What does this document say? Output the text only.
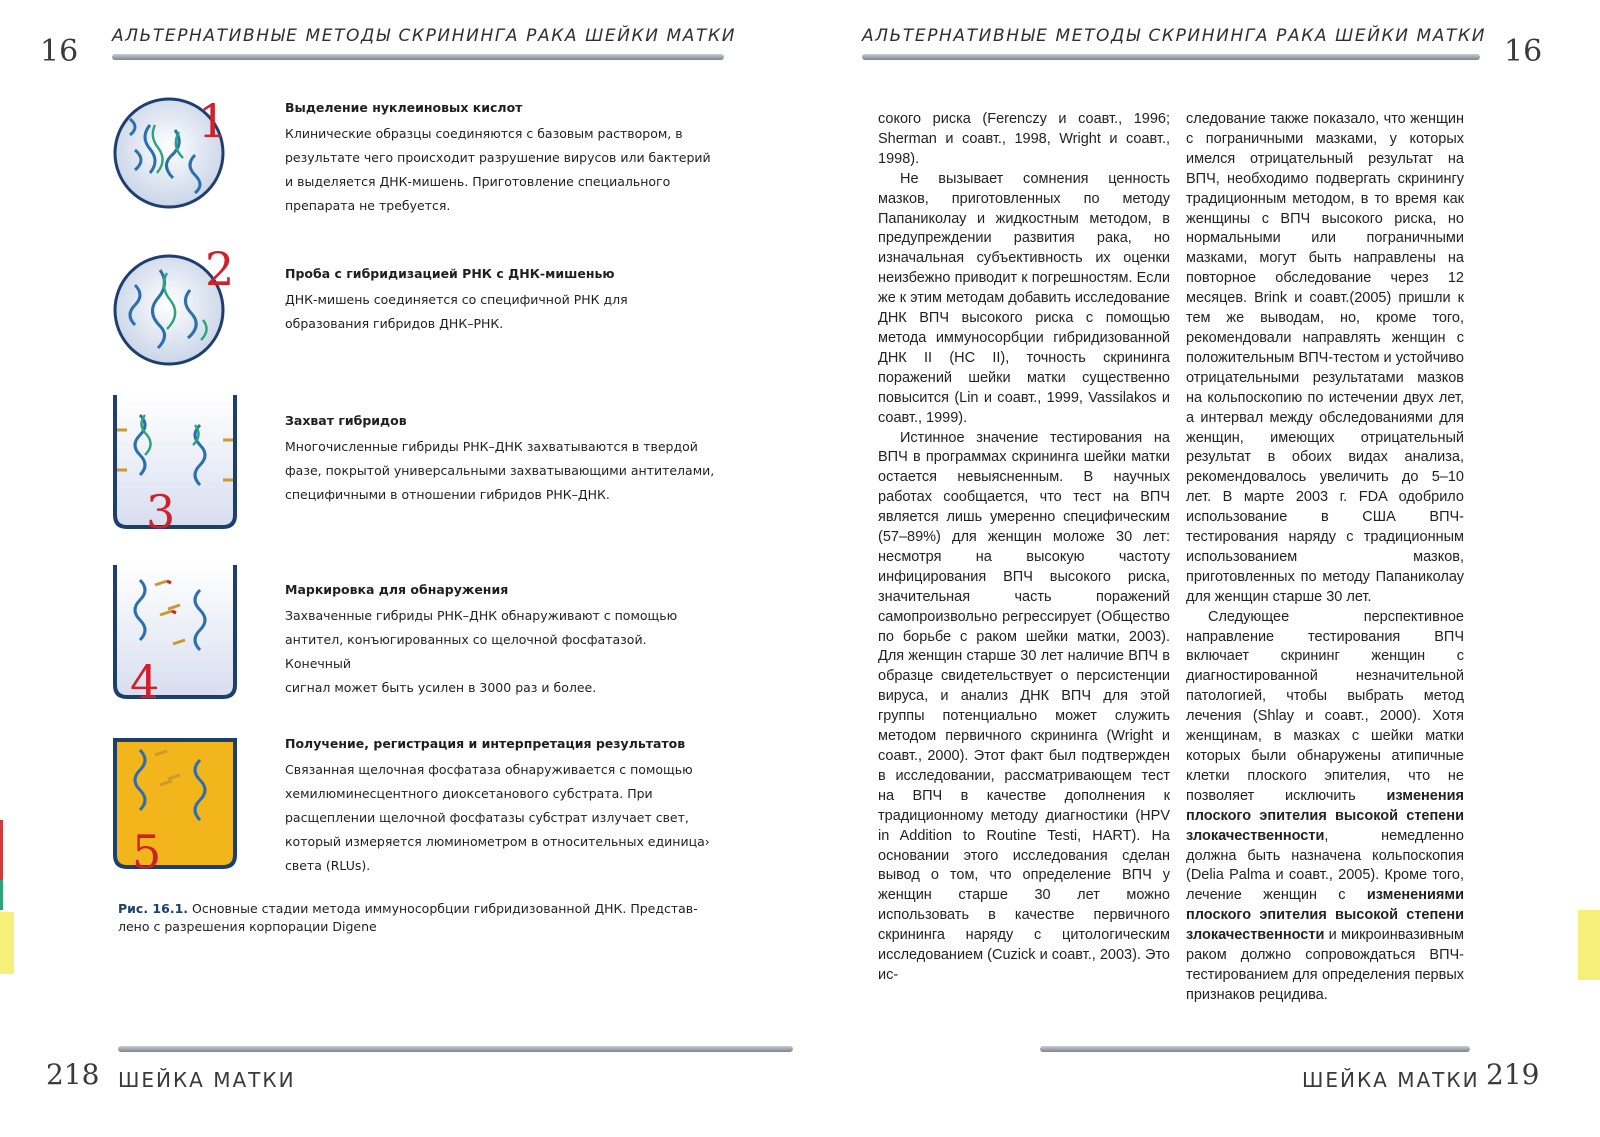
16 АЛЬТЕРНАТИВНЫЕ МЕТОДЫ СКРИНИНГА РАКА ШЕЙКИ МАТКИ
1
2
3
4
5

Выделение нуклеиновых кислот

Клинические образцы соединяются с базовым раствором, в

результате чего происходит разрушение вирусов или бактерий

и выделяется ДНК-мишень. Приготовление специального

препарата не требуется.

Проба с гибридизацией РНК с ДНК-мишенью

ДНК-мишень соединяется со специфичной РНК для

образования гибридов ДНК–РНК.

Захват гибридов

Многочисленные гибриды РНК–ДНК захватываются в твердой

фазе, покрытой универсальными захватывающими антителами,

специфичными в отношении гибридов РНК–ДНК.

Маркировка для обнаружения

Захваченные гибриды РНК–ДНК обнаруживают с помощью

антител, конъюгированных со щелочной фосфатазой. Конечный

сигнал может быть усилен в 3000 раз и более.

Получение, регистрация и интерпретация результатов

Связанная щелочная фосфатаза обнаруживается с помощью

хемилюминесцентного диоксетанового субстрата. При

расщеплении щелочной фосфатазы субстрат излучает свет,

который измеряется люминометром в относительных единица›

света (RLUs).

Рис. 16.1. Основные стадии метода иммуносорбции гибридизованной ДНК. Представ-
лено с разрешения корпорации Digene
218 ШЕЙКА МАТКИ
АЛЬТЕРНАТИВНЫЕ МЕТОДЫ СКРИНИНГА РАКА ШЕЙКИ МАТКИ 16

сокого риска (Ferenczy и соавт., 1996; Sherman и соавт., 1998, Wright и соавт., 1998).

Не вызывает сомнения ценность мазков, приготовленных по методу Папаниколау и жидкостным методом, в предупреждении развития рака, но изначальная субъективность их оценки неизбежно приводит к погрешностям. Если же к этим методам добавить исследование ДНК ВПЧ высокого риска с помощью метода иммуносорбции гибридизованной ДНК II (HC II), точность скрининга поражений шейки матки существенно повысится (Lin и соавт., 1999, Vassilakos и соавт., 1999).

Истинное значение тестирования на ВПЧ в программах скрининга шейки матки остается невыясненным. В научных работах сообщается, что тест на ВПЧ является лишь умеренно специфическим (57–89%) для женщин моложе 30 лет: несмотря на высокую частоту инфицирования ВПЧ высокого риска, значительная часть поражений самопроизвольно регрессирует (Общество по борьбе с раком шейки матки, 2003). Для женщин старше 30 лет наличие ВПЧ в образце свидетельствует о персистенции вируса, и анализ ДНК ВПЧ для этой группы потенциально может служить методом первичного скрининга (Wright и соавт., 2000). Этот факт был подтвержден в исследовании, рассматривающем тест на ВПЧ в качестве дополнения к традиционному методу диагностики (HPV in Addition to Routine Testi, HART). На основании этого исследования сделан вывод о том, что определение ВПЧ у женщин старше 30 лет можно использовать в качестве первичного скрининга наряду с цитологическим исследованием (Cuzick и соавт., 2003). Это ис-

следование также показало, что женщин с пограничными мазками, у которых имелся отрицательный результат на ВПЧ, необходимо подвергать скринингу традиционным методом, в то время как женщины с ВПЧ высокого риска, но нормальными или пограничными мазками, могут быть направлены на повторное обследование через 12 месяцев. Brink и соавт.(2005) пришли к тем же выводам, но, кроме того, рекомендовали направлять женщин с положительным ВПЧ-тестом и устойчиво отрицательными результатами мазков на кольпоскопию по истечении двух лет, а интервал между обследованиями для женщин, имеющих отрицательный результат в обоих видах анализа, рекомендовалось увеличить до 5–10 лет. В марте 2003 г. FDA одобрило использование в США ВПЧ-тестирования наряду с традиционным использованием мазков, приготовленных по методу Папаниколау для женщин старше 30 лет.

Следующее перспективное направление тестирования ВПЧ включает скрининг женщин с диагностированной незначительной патологией, чтобы выбрать метод лечения (Shlay и соавт., 2000). Хотя женщинам, в мазках с шейки матки которых были обнаружены атипичные клетки плоского эпителия, что не позволяет исключить изменения плоского эпителия высокой степени злокачественности, немедленно должна быть назначена кольпоскопия (Delia Palma и соавт., 2005). Кроме того, лечение женщин с изменениями плоского эпителия высокой степени злокачественности и микроинвазивным раком должно сопровождаться ВПЧ-тестированием для определения первых признаков рецидива.

ШЕЙКА МАТКИ 219
